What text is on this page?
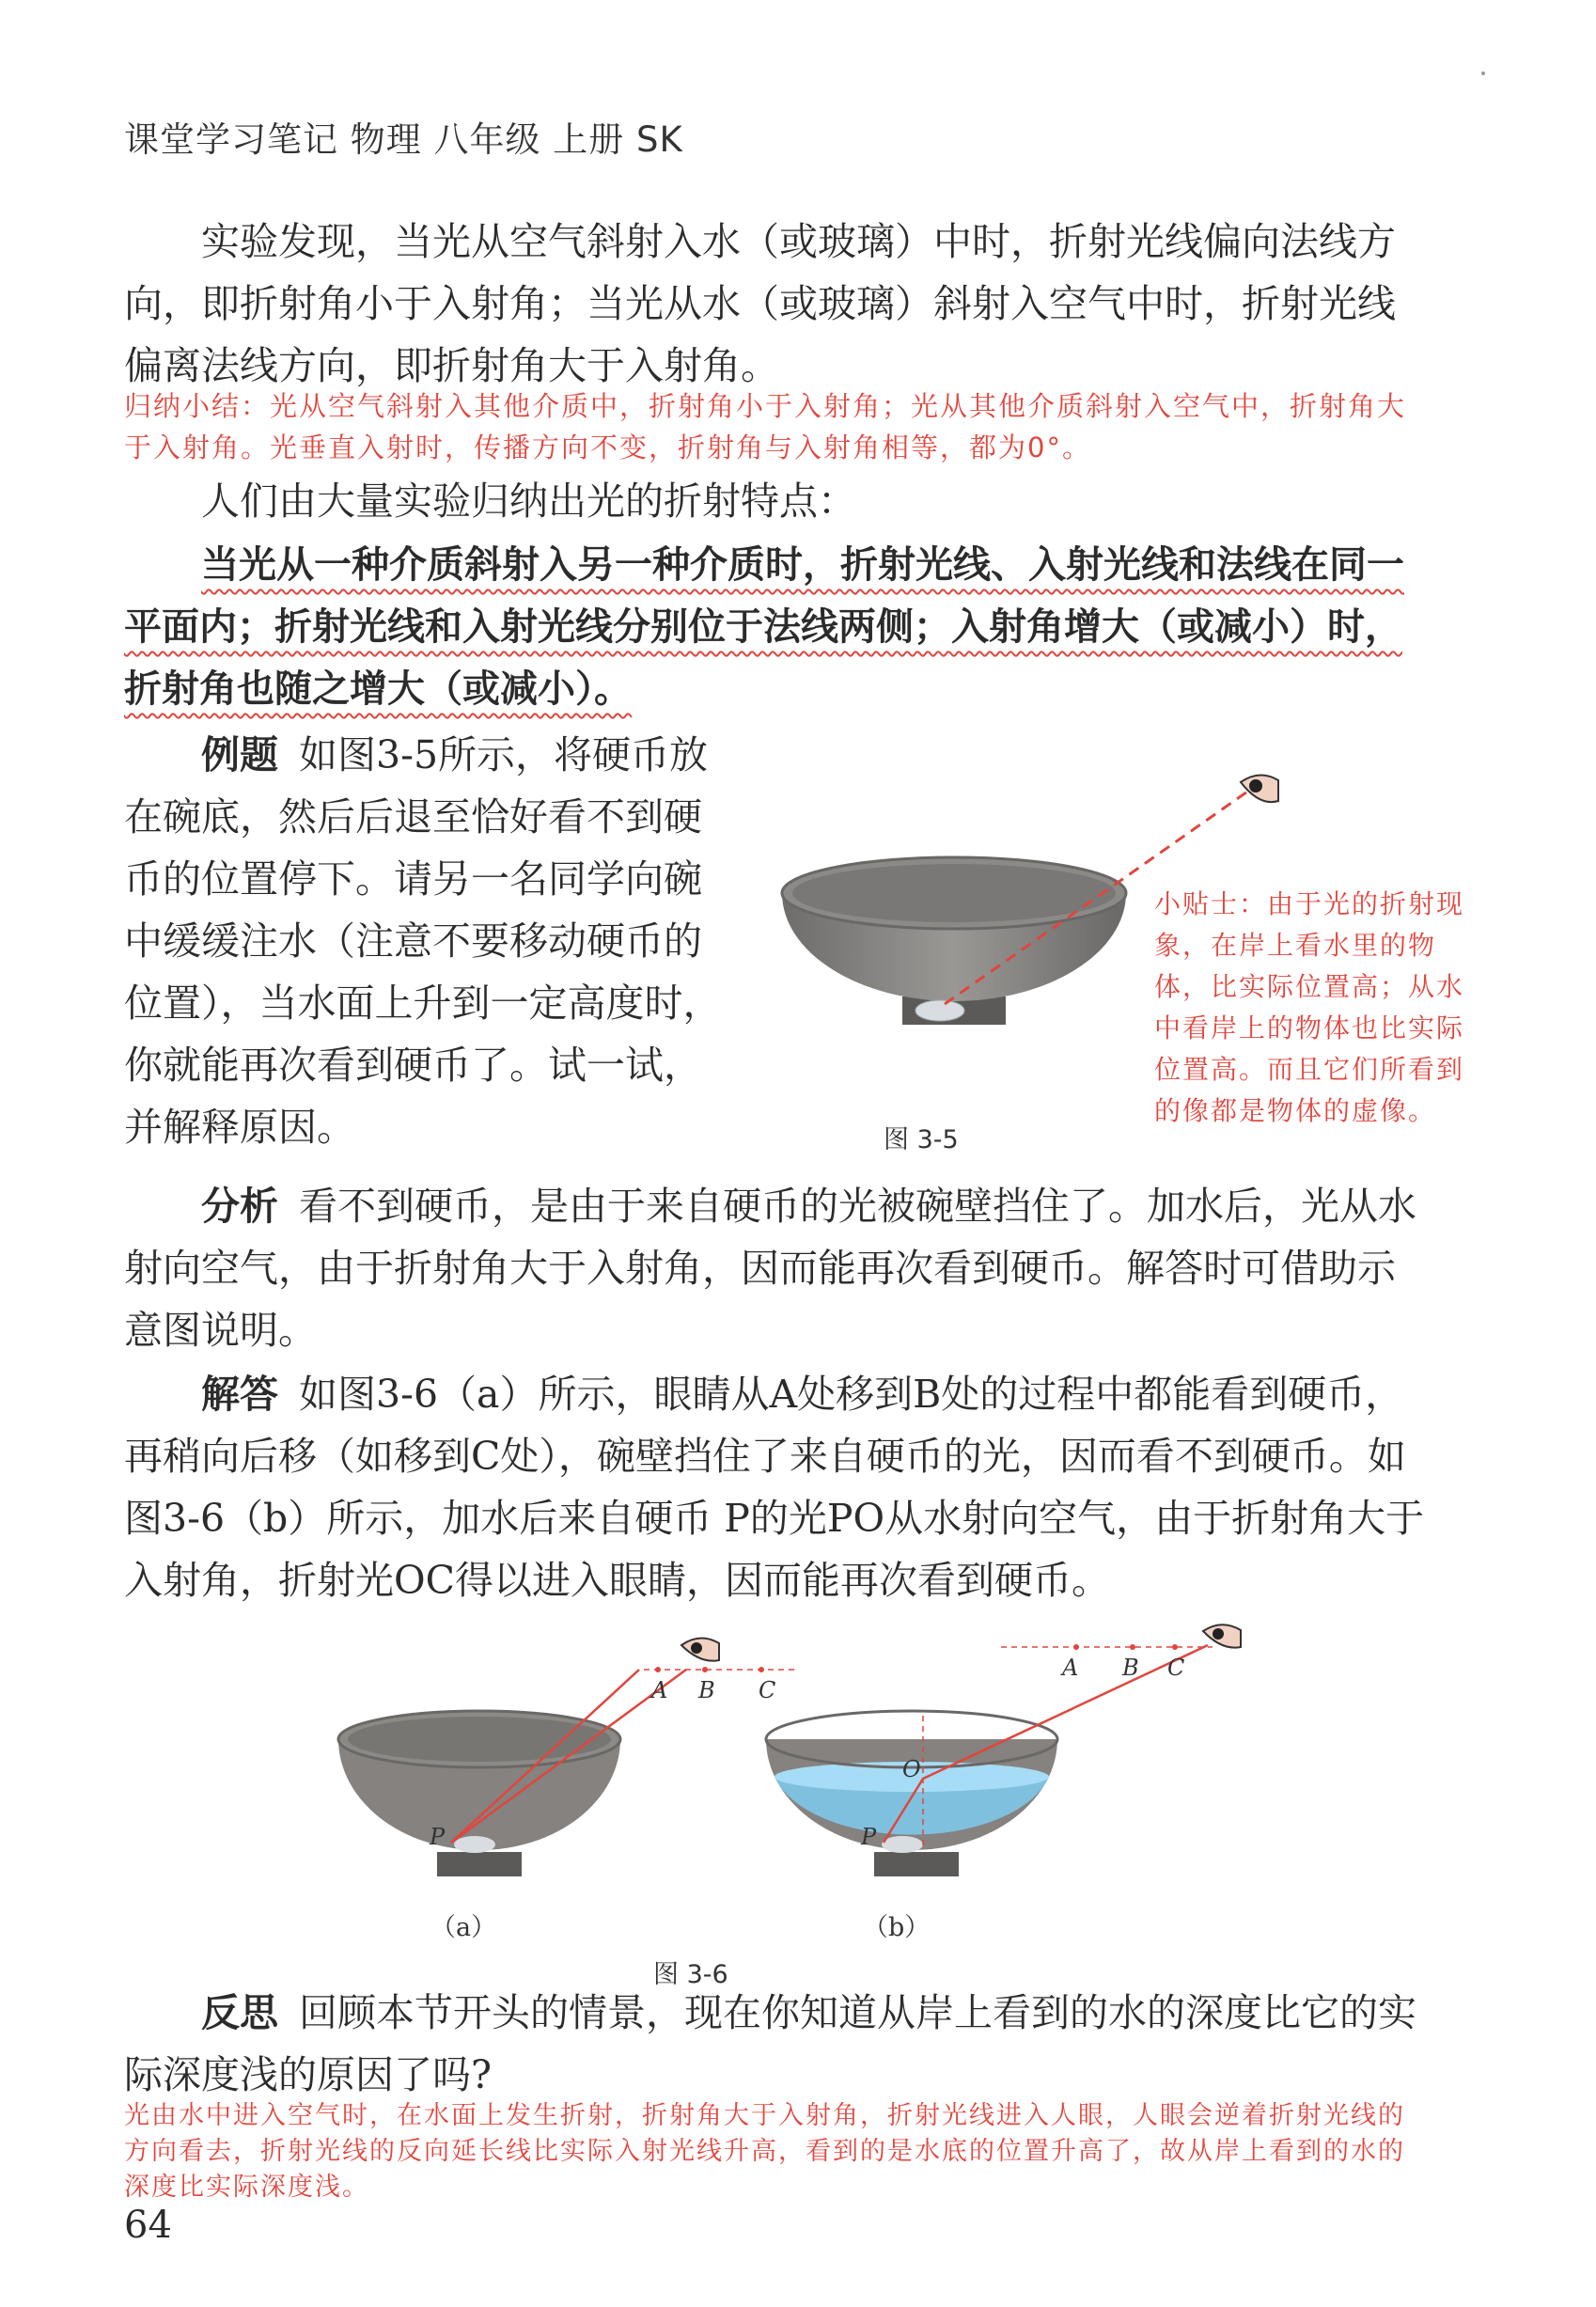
课堂学习笔记 物理 八年级 上册 SK
实验发现，当光从空气斜射入水（或玻璃）中时，折射光线偏向法线方向，即折射角小于入射角；当光从水（或玻璃）斜射入空气中时，折射光线偏离法线方向，即折射角大于入射角。
归纳小结：光从空气斜射入其他介质中，折射角小于入射角；光从其他介质斜射入空气中，折射角大于入射角。光垂直入射时，传播方向不变，折射角与入射角相等，都为0°。
人们由大量实验归纳出光的折射特点：
当光从一种介质斜射入另一种介质时，折射光线、入射光线和法线在同一平面内；折射光线和入射光线分别位于法线两侧；入射角增大（或减小）时，折射角也随之增大（或减小）。
例题 如图3-5所示，将硬币放在碗底，然后后退至恰好看不到硬币的位置停下。请另一名同学向碗中缓缓注水（注意不要移动硬币的位置），当水面上升到一定高度时，你就能再次看到硬币了。试一试，并解释原因。	图 3-5
小贴士：由于光的折射现象，在岸上看水里的物体，比实际位置高；从水中看岸上的物体也比实际位置高。而且它们所看到的像都是物体的虚像。
分析 看不到硬币，是由于来自硬币的光被碗壁挡住了。加水后，光从水射向空气，由于折射角大于入射角，因而能再次看到硬币。解答时可借助示意图说明。
解答 如图3-6（a）所示，眼睛从A处移到B处的过程中都能看到硬币，再稍向后移（如移到C处），碗壁挡住了来自硬币的光，因而看不到硬币。如图3-6（b）所示，加水后来自硬币 P的光PO从水射向空气，由于折射角大于入射角，折射光OC得以进入眼睛，因而能再次看到硬币。
A B C
P
（a）
A B C
O
P
（b）
图 3-6
反思 回顾本节开头的情景，现在你知道从岸上看到的水的深度比它的实际深度浅的原因了吗?
光由水中进入空气时，在水面上发生折射，折射角大于入射角，折射光线进入人眼，人眼会逆着折射光线的方向看去，折射光线的反向延长线比实际入射光线升高，看到的是水底的位置升高了，故从岸上看到的水的深度比实际深度浅。
64
